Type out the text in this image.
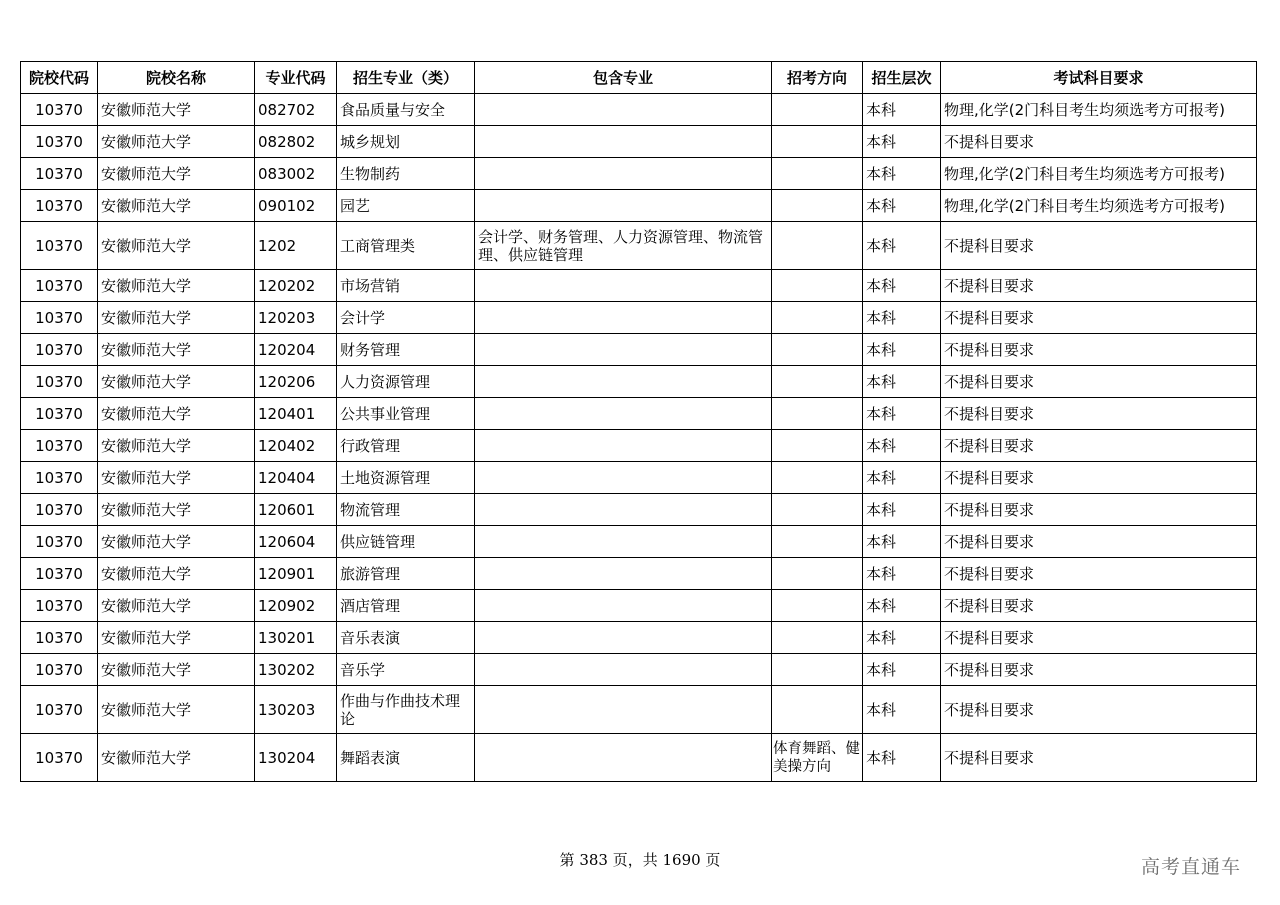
院校代码	院校名称	专业代码	招生专业（类）	包含专业	招考方向	招生层次	考试科目要求
10370	安徽师范大学	082702	食品质量与安全			本科	物理,化学(2门科目考生均须选考方可报考)
10370	安徽师范大学	082802	城乡规划			本科	不提科目要求
10370	安徽师范大学	083002	生物制药			本科	物理,化学(2门科目考生均须选考方可报考)
10370	安徽师范大学	090102	园艺			本科	物理,化学(2门科目考生均须选考方可报考)
10370	安徽师范大学	1202	工商管理类	会计学、财务管理、人力资源管理、物流管理、供应链管理		本科	不提科目要求
10370	安徽师范大学	120202	市场营销			本科	不提科目要求
10370	安徽师范大学	120203	会计学			本科	不提科目要求
10370	安徽师范大学	120204	财务管理			本科	不提科目要求
10370	安徽师范大学	120206	人力资源管理			本科	不提科目要求
10370	安徽师范大学	120401	公共事业管理			本科	不提科目要求
10370	安徽师范大学	120402	行政管理			本科	不提科目要求
10370	安徽师范大学	120404	土地资源管理			本科	不提科目要求
10370	安徽师范大学	120601	物流管理			本科	不提科目要求
10370	安徽师范大学	120604	供应链管理			本科	不提科目要求
10370	安徽师范大学	120901	旅游管理			本科	不提科目要求
10370	安徽师范大学	120902	酒店管理			本科	不提科目要求
10370	安徽师范大学	130201	音乐表演			本科	不提科目要求
10370	安徽师范大学	130202	音乐学			本科	不提科目要求
10370	安徽师范大学	130203	作曲与作曲技术理论			本科	不提科目要求
10370	安徽师范大学	130204	舞蹈表演		体育舞蹈、健美操方向	本科	不提科目要求
第 383 页，共 1690 页	高考直通车
